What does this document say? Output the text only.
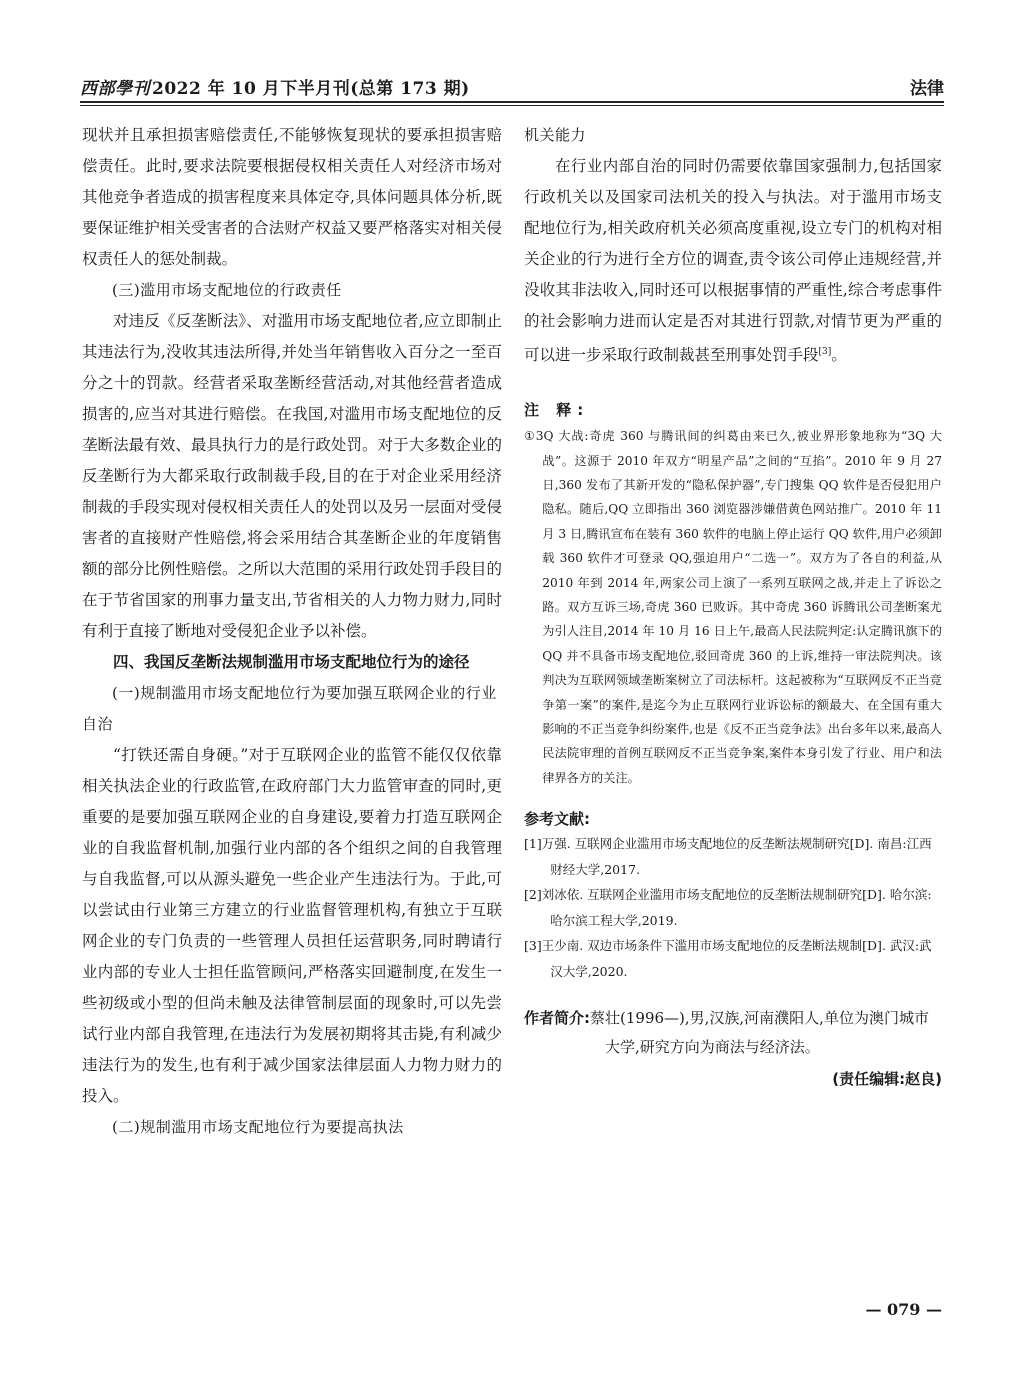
西部學刊 2022 年 10 月下半月刊(总第 173 期)	法律

现状并且承担损害赔偿责任,不能够恢复现状的要承担损害赔偿责任。此时,要求法院要根据侵权相关责任人对经济市场对其他竞争者造成的损害程度来具体定夺,具体问题具体分析,既要保证维护相关受害者的合法财产权益又要严格落实对相关侵权责任人的惩处制裁。

(三)滥用市场支配地位的行政责任

对违反《反垄断法》、对滥用市场支配地位者,应立即制止其违法行为,没收其违法所得,并处当年销售收入百分之一至百分之十的罚款。经营者采取垄断经营活动,对其他经营者造成损害的,应当对其进行赔偿。在我国,对滥用市场支配地位的反垄断法最有效、最具执行力的是行政处罚。对于大多数企业的反垄断行为大都采取行政制裁手段,目的在于对企业采用经济制裁的手段实现对侵权相关责任人的处罚以及另一层面对受侵害者的直接财产性赔偿,将会采用结合其垄断企业的年度销售额的部分比例性赔偿。之所以大范围的采用行政处罚手段目的在于节省国家的刑事力量支出,节省相关的人力物力财力,同时有利于直接了断地对受侵犯企业予以补偿。

四、我国反垄断法规制滥用市场支配地位行为的途径

(一)规制滥用市场支配地位行为要加强互联网企业的行业自治

“打铁还需自身硬。”对于互联网企业的监管不能仅仅依靠相关执法企业的行政监管,在政府部门大力监管审查的同时,更重要的是要加强互联网企业的自身建设,要着力打造互联网企业的自我监督机制,加强行业内部的各个组织之间的自我管理与自我监督,可以从源头避免一些企业产生违法行为。于此,可以尝试由行业第三方建立的行业监督管理机构,有独立于互联网企业的专门负责的一些管理人员担任运营职务,同时聘请行业内部的专业人士担任监管顾问,严格落实回避制度,在发生一些初级或小型的但尚未触及法律管制层面的现象时,可以先尝试行业内部自我管理,在违法行为发展初期将其击毙,有利减少违法行为的发生,也有利于减少国家法律层面人力物力财力的投入。

(二)规制滥用市场支配地位行为要提高执法

机关能力

在行业内部自治的同时仍需要依靠国家强制力,包括国家行政机关以及国家司法机关的投入与执法。对于滥用市场支配地位行为,相关政府机关必须高度重视,设立专门的机构对相关企业的行为进行全方位的调查,责令该公司停止违规经营,并没收其非法收入,同时还可以根据事情的严重性,综合考虑事件的社会影响力进而认定是否对其进行罚款,对情节更为严重的可以进一步采取行政制裁甚至刑事处罚手段[3]。

注 释:

①3Q 大战:奇虎 360 与腾讯间的纠葛由来已久,被业界形象地称为“3Q 大战”。这源于 2010 年双方“明星产品”之间的“互掐”。2010 年 9 月 27 日,360 发布了其新开发的“隐私保护器”,专门搜集 QQ 软件是否侵犯用户隐私。随后,QQ 立即指出 360 浏览器涉嫌借黄色网站推广。2010 年 11 月 3 日,腾讯宣布在装有 360 软件的电脑上停止运行 QQ 软件,用户必须卸载 360 软件才可登录 QQ,强迫用户“二选一”。双方为了各自的利益,从 2010 年到 2014 年,两家公司上演了一系列互联网之战,并走上了诉讼之路。双方互诉三场,奇虎 360 已败诉。其中奇虎 360 诉腾讯公司垄断案尤为引人注目,2014 年 10 月 16 日上午,最高人民法院判定:认定腾讯旗下的 QQ 并不具备市场支配地位,驳回奇虎 360 的上诉,维持一审法院判决。该判决为互联网领域垄断案树立了司法标杆。这起被称为“互联网反不正当竞争第一案”的案件,是迄今为止互联网行业诉讼标的额最大、在全国有重大影响的不正当竞争纠纷案件,也是《反不正当竞争法》出台多年以来,最高人民法院审理的首例互联网反不正当竞争案,案件本身引发了行业、用户和法律界各方的关注。

参考文献:

[1]万强. 互联网企业滥用市场支配地位的反垄断法规制研究[D]. 南昌:江西财经大学,2017.

[2]刘冰依. 互联网企业滥用市场支配地位的反垄断法规制研究[D]. 哈尔滨:哈尔滨工程大学,2019.

[3]王少南. 双边市场条件下滥用市场支配地位的反垄断法规制[D]. 武汉:武汉大学,2020.

作者简介:蔡壮(1996—),男,汉族,河南濮阳人,单位为澳门城市大学,研究方向为商法与经济法。
(责任编辑:赵良)
— 079 —
